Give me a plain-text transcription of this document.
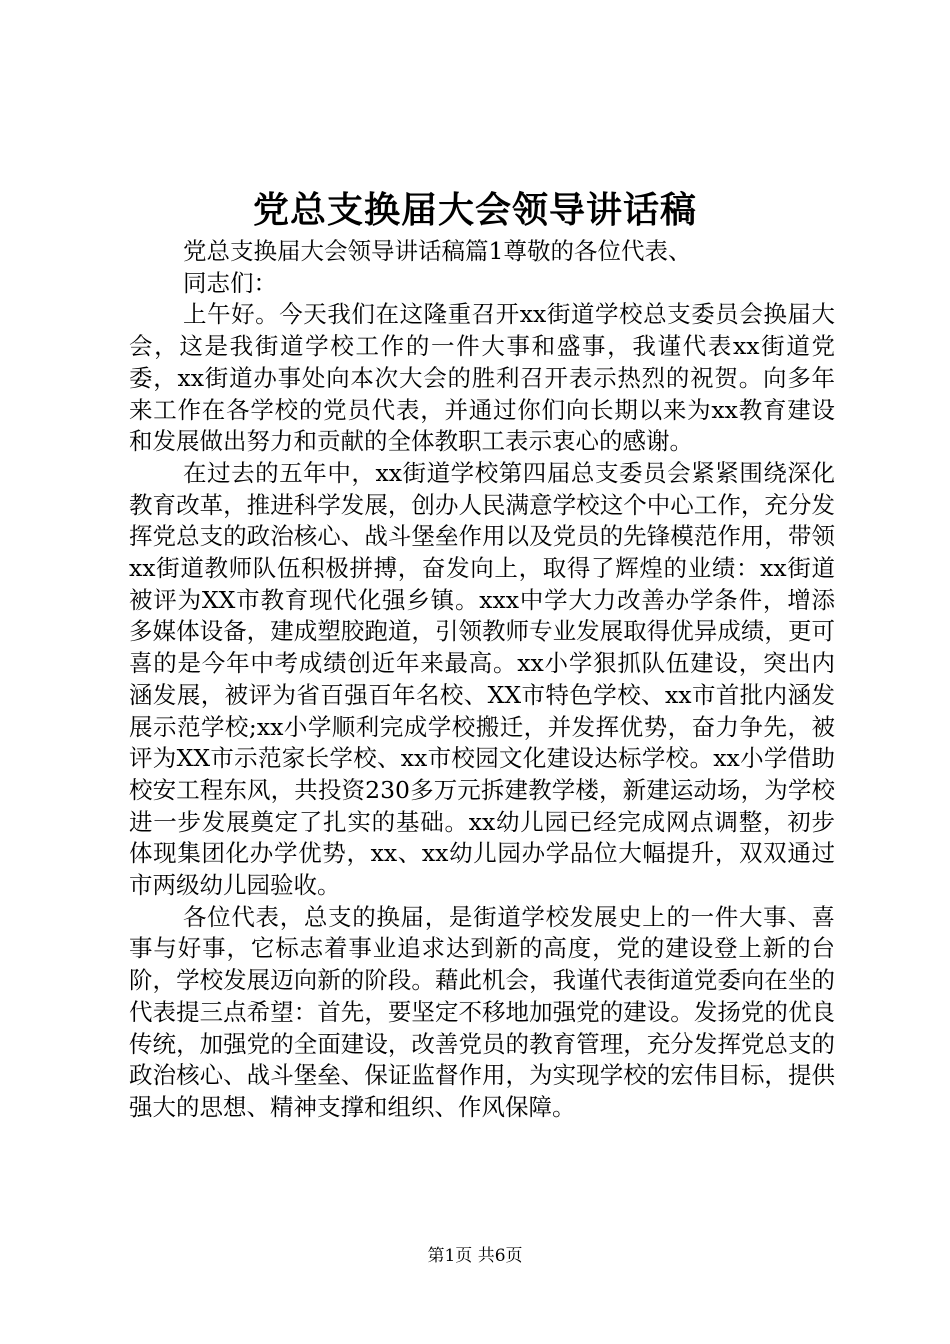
党总支换届大会领导讲话稿

党总支换届大会领导讲话稿篇1尊敬的各位代表、

同志们：

上午好。今天我们在这隆重召开xx街道学校总支委员会换届大会，这是我街道学校工作的一件大事和盛事，我谨代表xx街道党委，xx街道办事处向本次大会的胜利召开表示热烈的祝贺。向多年来工作在各学校的党员代表，并通过你们向长期以来为xx教育建设和发展做出努力和贡献的全体教职工表示衷心的感谢。

在过去的五年中，xx街道学校第四届总支委员会紧紧围绕深化教育改革，推进科学发展，创办人民满意学校这个中心工作，充分发挥党总支的政治核心、战斗堡垒作用以及党员的先锋模范作用，带领xx街道教师队伍积极拼搏，奋发向上，取得了辉煌的业绩：xx街道被评为XX市教育现代化强乡镇。xxx中学大力改善办学条件，增添多媒体设备，建成塑胶跑道，引领教师专业发展取得优异成绩，更可喜的是今年中考成绩创近年来最高。xx小学狠抓队伍建设，突出内涵发展，被评为省百强百年名校、XX市特色学校、xx市首批内涵发展示范学校;xx小学顺利完成学校搬迁，并发挥优势，奋力争先，被评为XX市示范家长学校、xx市校园文化建设达标学校。xx小学借助校安工程东风，共投资230多万元拆建教学楼，新建运动场，为学校进一步发展奠定了扎实的基础。xx幼儿园已经完成网点调整，初步体现集团化办学优势，xx、xx幼儿园办学品位大幅提升，双双通过市两级幼儿园验收。

各位代表，总支的换届，是街道学校发展史上的一件大事、喜事与好事，它标志着事业追求达到新的高度，党的建设登上新的台阶，学校发展迈向新的阶段。藉此机会，我谨代表街道党委向在坐的代表提三点希望：首先，要坚定不移地加强党的建设。发扬党的优良传统，加强党的全面建设，改善党员的教育管理，充分发挥党总支的政治核心、战斗堡垒、保证监督作用，为实现学校的宏伟目标，提供强大的思想、精神支撑和组织、作风保障。

第1页 共6页
